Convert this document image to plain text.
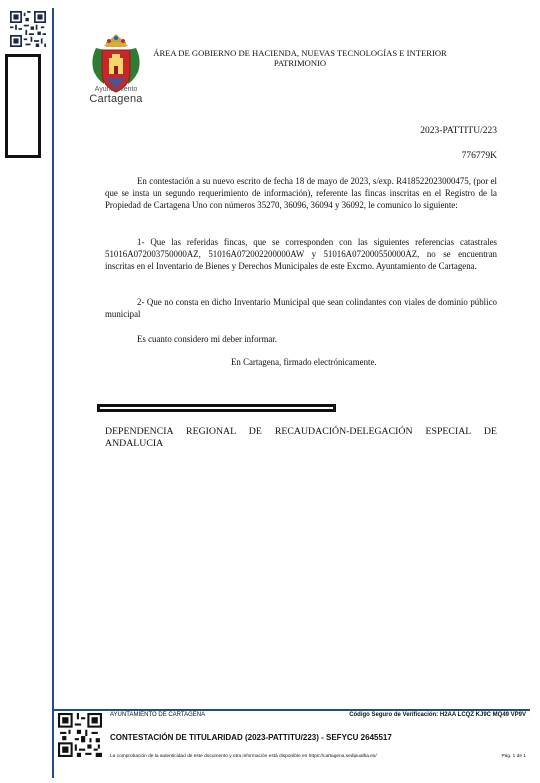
Ayuntamiento
Cartagena
ÁREA DE GOBIERNO DE HACIENDA, NUEVAS TECNOLOGÍAS E INTERIOR
PATRIMONIO
2023-PATTITU/223
776779K
En contestación a su nuevo escrito de fecha 18 de mayo de 2023, s/exp. R418522023000475, (por el que se insta un segundo requerimiento de información), referente las fincas inscritas en el Registro de la Propiedad de Cartagena Uno con números 35270, 36096, 36094 y 36092, le comunico lo siguiente:
1- Que las referidas fincas, que se corresponden con las siguientes referencias catastrales 51016A072003750000AZ, 51016A072002200000AW y 51016A072000550000AZ, no se encuentran inscritas en el Inventario de Bienes y Derechos Municipales de este Excmo. Ayuntamiento de Cartagena.
2- Que no consta en dicho Inventario Municipal que sean colindantes con viales de dominio público municipal
Es cuanto considero mi deber informar.
En Cartagena, firmado electrónicamente.
DEPENDENCIA REGIONAL DE RECAUDACIÓN-DELEGACIÓN ESPECIAL DE ANDALUCIA
AYUNTAMIENTO DE CARTAGENA	Código Seguro de Verificación: H2AA LCQZ KJ9C MQ49 VP9V
CONTESTACIÓN DE TITULARIDAD (2023-PATTITU/223) - SEFYCU 2645517
La comprobación de la autenticidad de este documento y otra información está disponible en https://cartagena.sedipualba.es/	Pág. 1 de 1
